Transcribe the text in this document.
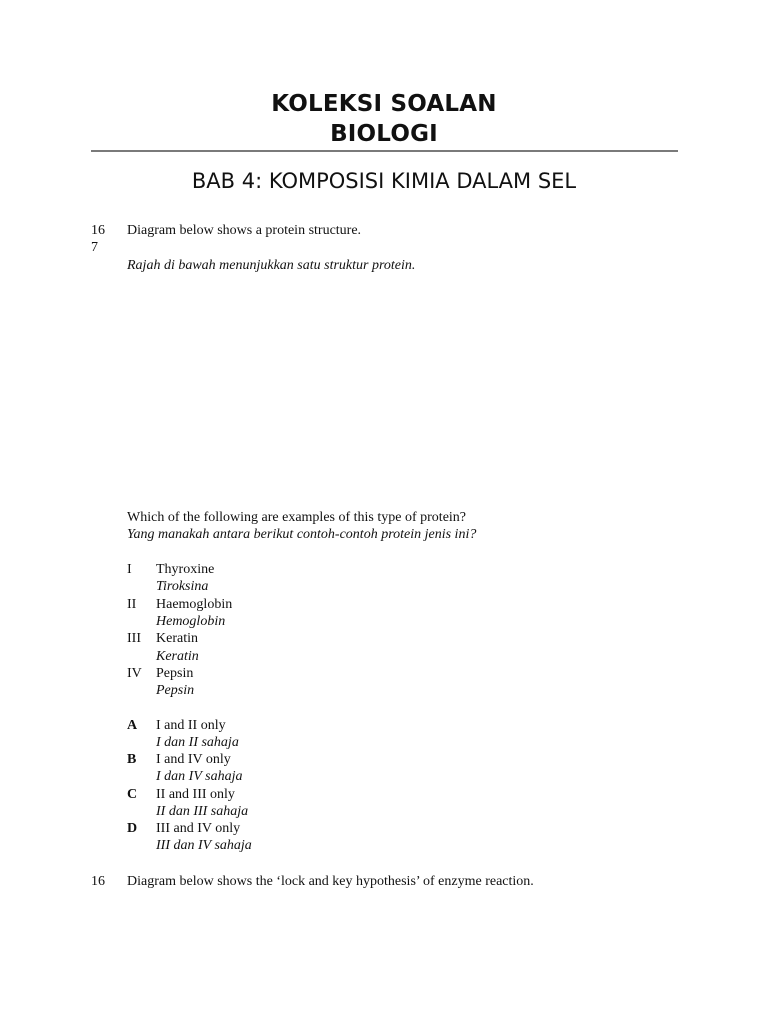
KOLEKSI SOALAN
BIOLOGI
BAB 4: KOMPOSISI KIMIA DALAM SEL
16
7
Diagram below shows a protein structure.
Rajah di bawah menunjukkan satu struktur protein.
Which of the following are examples of this type of protein?
Yang manakah antara berikut contoh-contoh protein jenis ini?
I Thyroxine
Tiroksina
II Haemoglobin
Hemoglobin
III Keratin
Keratin
IV Pepsin
Pepsin
A I and II only
I dan II sahaja
B I and IV only
I dan IV sahaja
C II and III only
II dan III sahaja
D III and IV only
III dan IV sahaja
16 Diagram below shows the ‘lock and key hypothesis’ of enzyme reaction.
